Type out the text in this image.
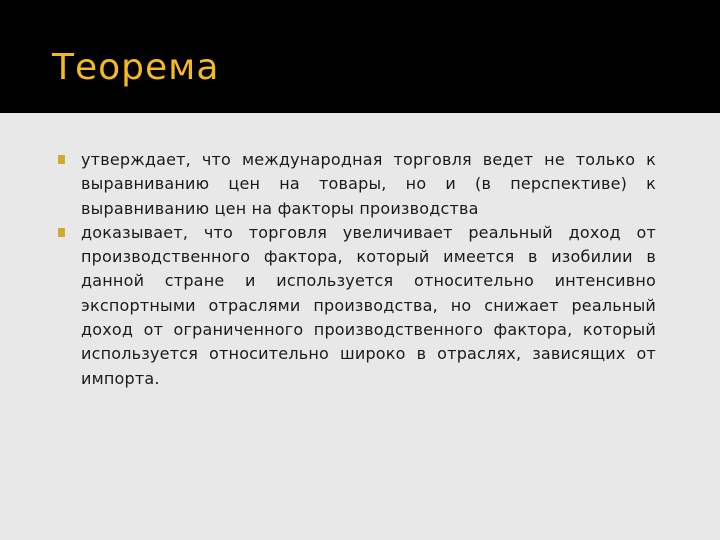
Теорема
утверждает, что международная торговля ведет не только к выравниванию цен на товары, но и (в перспективе) к выравниванию цен на факторы производства
доказывает, что торговля увеличивает реальный доход от производственного фактора, который имеется в изобилии в данной стране и используется относительно интенсивно экспортными отраслями производства, но снижает реальный доход от ограниченного производственного фактора, который используется относительно широко в отраслях, зависящих от импорта.
